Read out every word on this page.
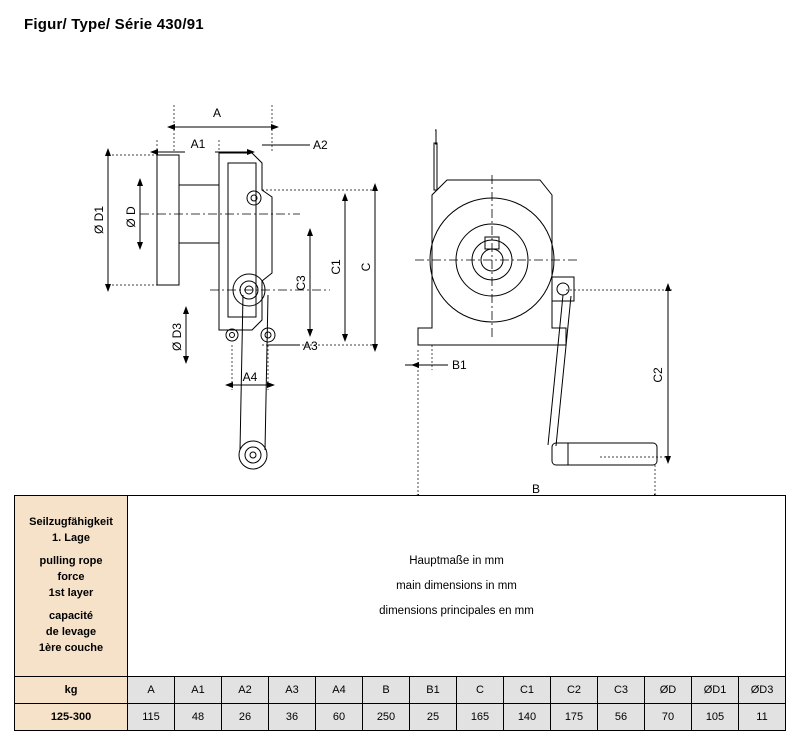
Figur/ Type/ Série 430/91
A
A1	A2
Ø D1 Ø D
Ø D3	A3
A4
C1 C
C3
B1
C2
B
Seilzugfähigkeit
1. Lage
pulling rope
force
1st layer
capacité
de levage
1ère couche

Hauptmaße in mm
main dimensions in mm
dimensions principales en mm

kg	A	A1	A2	A3	A4	B	B1	C	C1	C2	C3	ØD	ØD1	ØD3
125-300	115	48	26	36	60	250	25	165	140	175	56	70	105	11
